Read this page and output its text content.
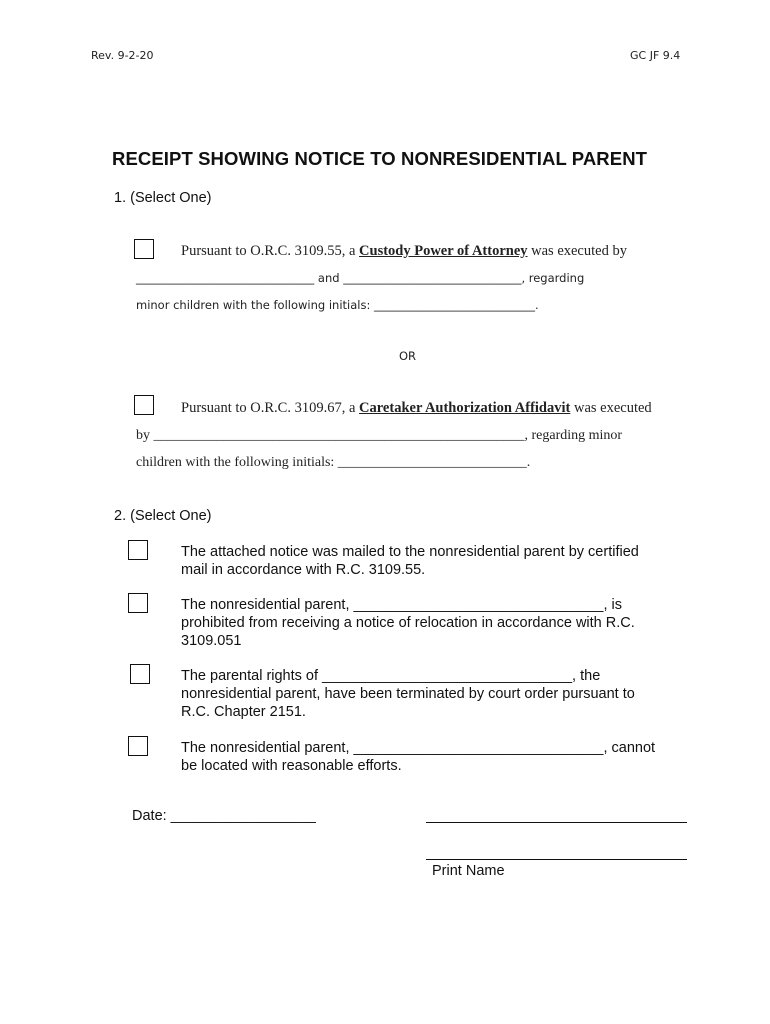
Rev. 9-2-20	GC JF 9.4
RECEIPT SHOWING NOTICE TO NONRESIDENTIAL PARENT
1. (Select One)
Pursuant to O.R.C. 3109.55, a Custody Power of Attorney was executed by
_______________________________ and _______________________________, regarding
minor children with the following initials: ____________________________.
OR
Pursuant to O.R.C. 3109.67, a Caretaker Authorization Affidavit was executed
by _____________________________________________________, regarding minor
children with the following initials: ___________________________.
2. (Select One)
The attached notice was mailed to the nonresidential parent by certified
mail in accordance with R.C. 3109.55.
The nonresidential parent, _______________________________, is
prohibited from receiving a notice of relocation in accordance with R.C.
3109.051
The parental rights of _______________________________, the
nonresidential parent, have been terminated by court order pursuant to
R.C. Chapter 2151.
The nonresidential parent, _______________________________, cannot
be located with reasonable efforts.
Date: __________________
Print Name
